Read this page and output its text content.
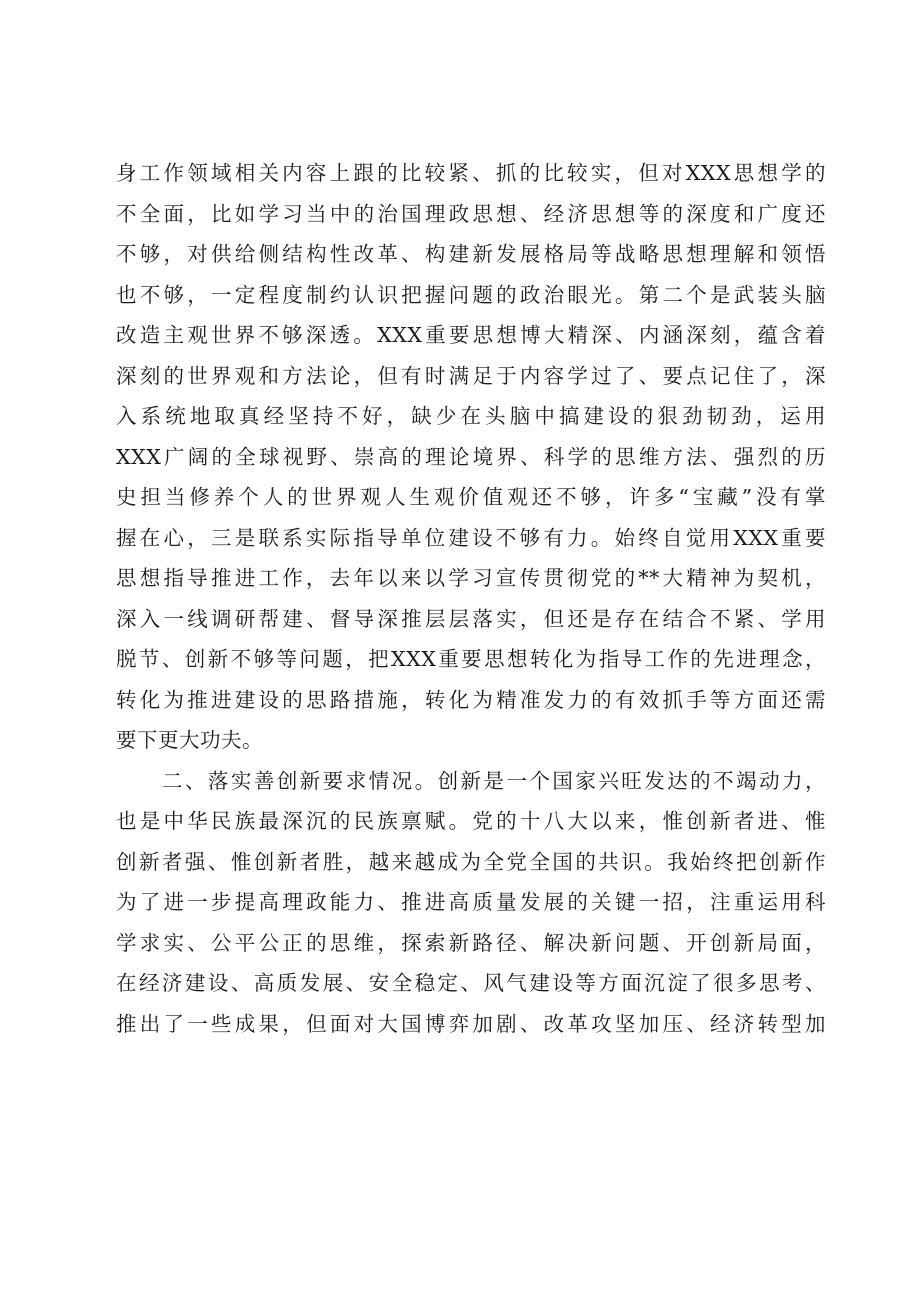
身工作领域相关内容上跟的比较紧、抓的比较实，但对XXX思想学的
不全面，比如学习当中的治国理政思想、经济思想等的深度和广度还
不够，对供给侧结构性改革、构建新发展格局等战略思想理解和领悟
也不够，一定程度制约认识把握问题的政治眼光。第二个是武装头脑
改造主观世界不够深透。XXX重要思想博大精深、内涵深刻，蕴含着
深刻的世界观和方法论，但有时满足于内容学过了、要点记住了，深
入系统地取真经坚持不好，缺少在头脑中搞建设的狠劲韧劲，运用
XXX广阔的全球视野、崇高的理论境界、科学的思维方法、强烈的历
史担当修养个人的世界观人生观价值观还不够，许多“宝藏”没有掌
握在心，三是联系实际指导单位建设不够有力。始终自觉用XXX重要
思想指导推进工作，去年以来以学习宣传贯彻党的**大精神为契机，
深入一线调研帮建、督导深推层层落实，但还是存在结合不紧、学用
脱节、创新不够等问题，把XXX重要思想转化为指导工作的先进理念，
转化为推进建设的思路措施，转化为精准发力的有效抓手等方面还需
要下更大功夫。
二、落实善创新要求情况。创新是一个国家兴旺发达的不竭动力，
也是中华民族最深沉的民族禀赋。党的十八大以来，惟创新者进、惟
创新者强、惟创新者胜，越来越成为全党全国的共识。我始终把创新作
为了进一步提高理政能力、推进高质量发展的关键一招，注重运用科
学求实、公平公正的思维，探索新路径、解决新问题、开创新局面，
在经济建设、高质发展、安全稳定、风气建设等方面沉淀了很多思考、
推出了一些成果，但面对大国博弈加剧、改革攻坚加压、经济转型加
